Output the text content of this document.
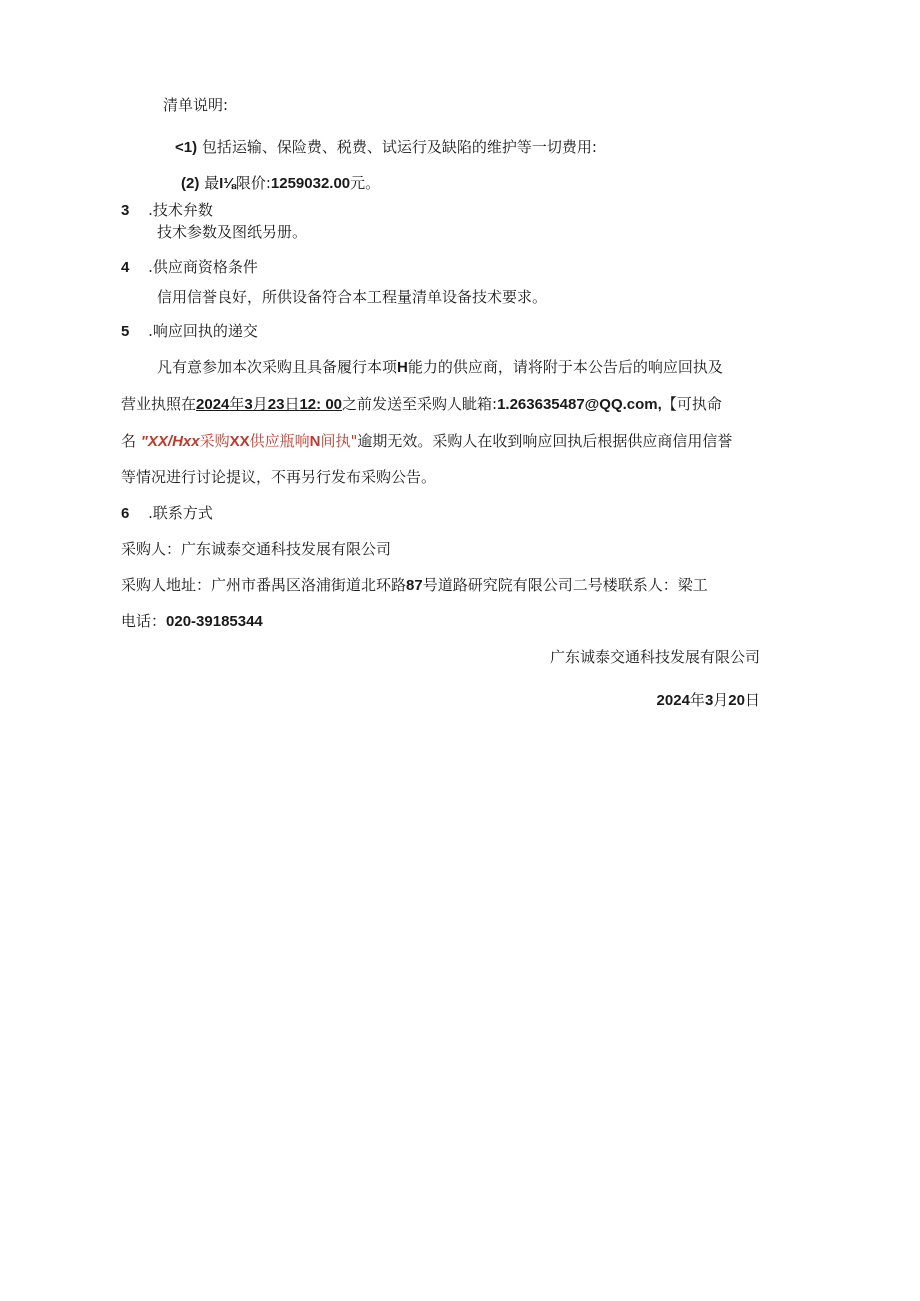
清单说明:
<1) 包括运输、保险费、税费、试运行及缺陷的维护等一切费用:
(2) 最I⅛限价:1259032.00元。
3 .技术弁数
技术参数及图纸另册。
4 .供应商资格条件
信用信誉良好，所供设备符合本工程量清单设备技术要求。
5 .响应回执的递交
凡有意参加本次采购且具备履行本项H能力的供应商，请将附于本公告后的响应回执及
营业执照在2024年3月23日12: 00之前发送至采购人眦箱:1.263635487@QQ.com,【可执命
名 "XX/Hxx采购XX供应瓶响N间执"逾期无效。采购人在收到响应回执后根据供应商信用信誉
等情况进行讨论提议，不再另行发布采购公告。
6 .联系方式
采购人：广东诚泰交通科技发展有限公司
采购人地址：广州市番禺区洛浦街道北环路87号道路研究院有限公司二号楼联系人：梁工
电话：020-39185344
广东诚泰交通科技发展有限公司
2024年3月20日
